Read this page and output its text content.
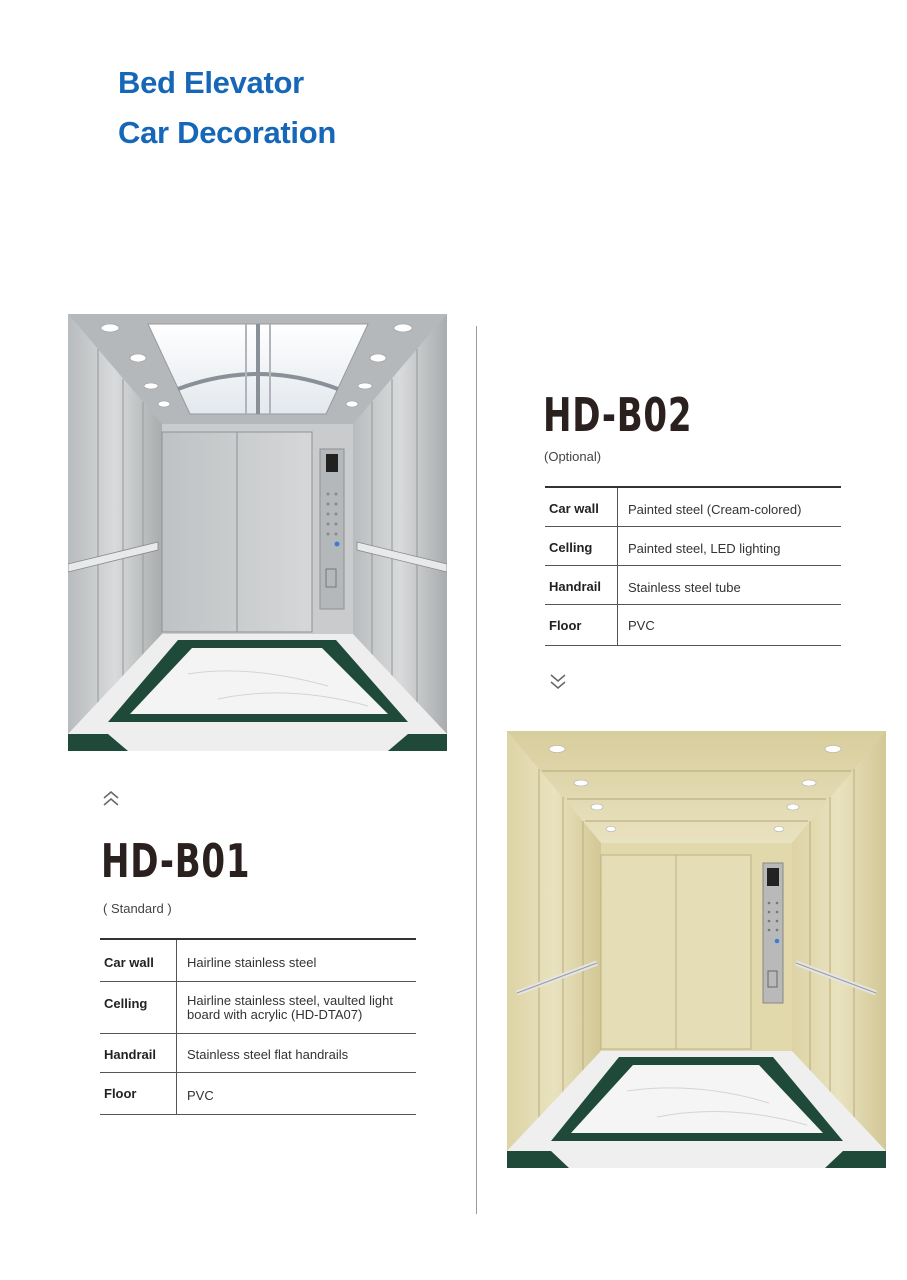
Bed Elevator
Car Decoration
HD-B02
(Optional)
Car wall	Painted steel (Cream-colored)
Celling	Painted steel, LED lighting
Handrail	Stainless steel tube
Floor	PVC
HD-B01
( Standard )
Car wall	Hairline stainless steel
Celling	Hairline stainless steel, vaulted light board with acrylic (HD-DTA07)
Handrail	Stainless steel flat handrails
Floor	PVC
